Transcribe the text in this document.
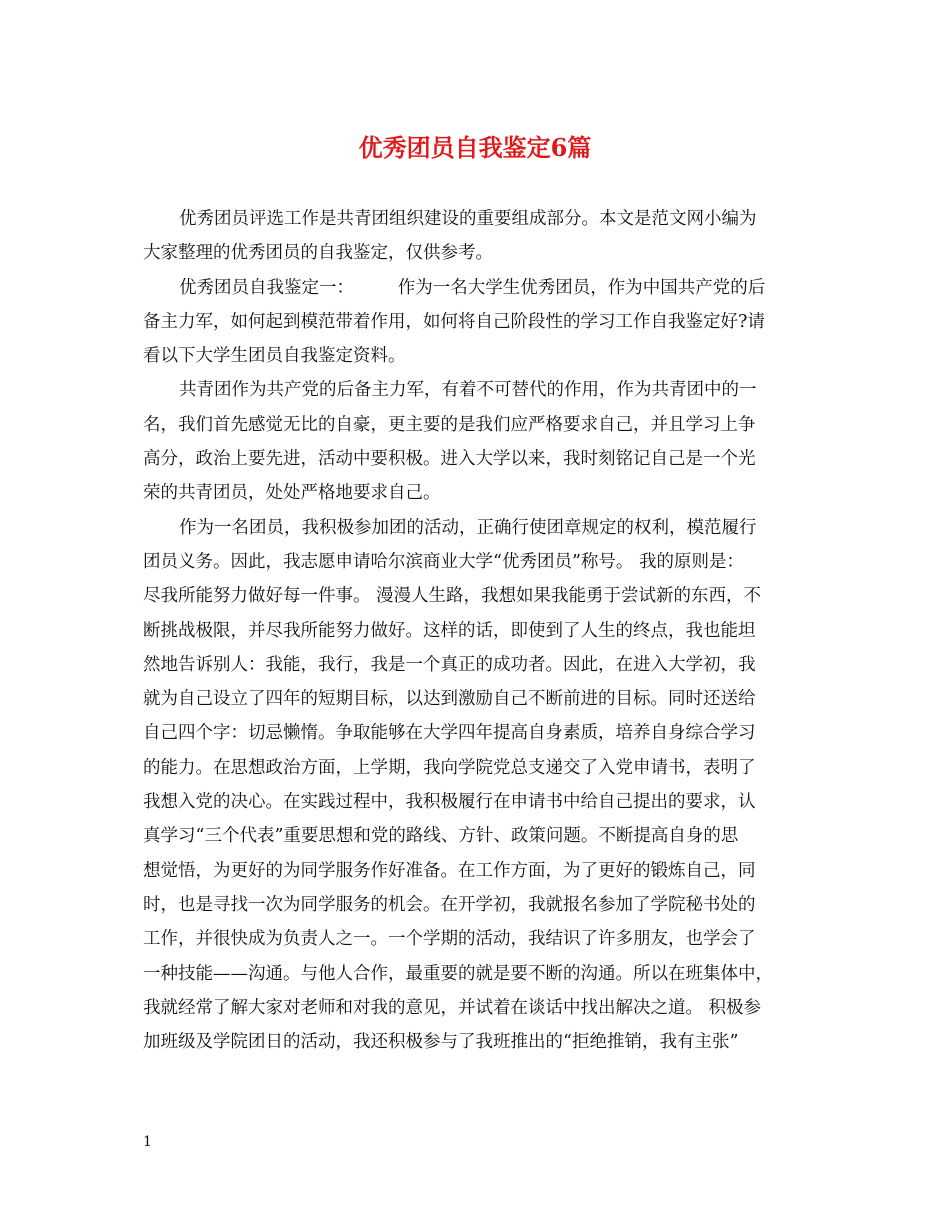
优秀团员自我鉴定6篇
优秀团员评选工作是共青团组织建设的重要组成部分。本文是范文网小编为
大家整理的优秀团员的自我鉴定，仅供参考。
优秀团员自我鉴定一：　　　作为一名大学生优秀团员，作为中国共产党的后
备主力军，如何起到模范带着作用，如何将自己阶段性的学习工作自我鉴定好?请
看以下大学生团员自我鉴定资料。
共青团作为共产党的后备主力军，有着不可替代的作用，作为共青团中的一
名，我们首先感觉无比的自豪，更主要的是我们应严格要求自己，并且学习上争
高分，政治上要先进，活动中要积极。进入大学以来，我时刻铭记自己是一个光
荣的共青团员，处处严格地要求自己。
作为一名团员，我积极参加团的活动，正确行使团章规定的权利，模范履行
团员义务。因此，我志愿申请哈尔滨商业大学“优秀团员”称号。 我的原则是：
尽我所能努力做好每一件事。 漫漫人生路，我想如果我能勇于尝试新的东西，不
断挑战极限，并尽我所能努力做好。这样的话，即使到了人生的终点，我也能坦
然地告诉别人：我能，我行，我是一个真正的成功者。因此，在进入大学初，我
就为自己设立了四年的短期目标，以达到激励自己不断前进的目标。同时还送给
自己四个字：切忌懒惰。争取能够在大学四年提高自身素质，培养自身综合学习
的能力。在思想政治方面，上学期，我向学院党总支递交了入党申请书，表明了
我想入党的决心。在实践过程中，我积极履行在申请书中给自己提出的要求，认
真学习“三个代表”重要思想和党的路线、方针、政策问题。不断提高自身的思
想觉悟，为更好的为同学服务作好准备。在工作方面，为了更好的锻炼自己，同
时，也是寻找一次为同学服务的机会。在开学初，我就报名参加了学院秘书处的
工作，并很快成为负责人之一。一个学期的活动，我结识了许多朋友，也学会了
一种技能——沟通。与他人合作，最重要的就是要不断的沟通。所以在班集体中，
我就经常了解大家对老师和对我的意见，并试着在谈话中找出解决之道。 积极参
加班级及学院团日的活动，我还积极参与了我班推出的“拒绝推销，我有主张”
1
